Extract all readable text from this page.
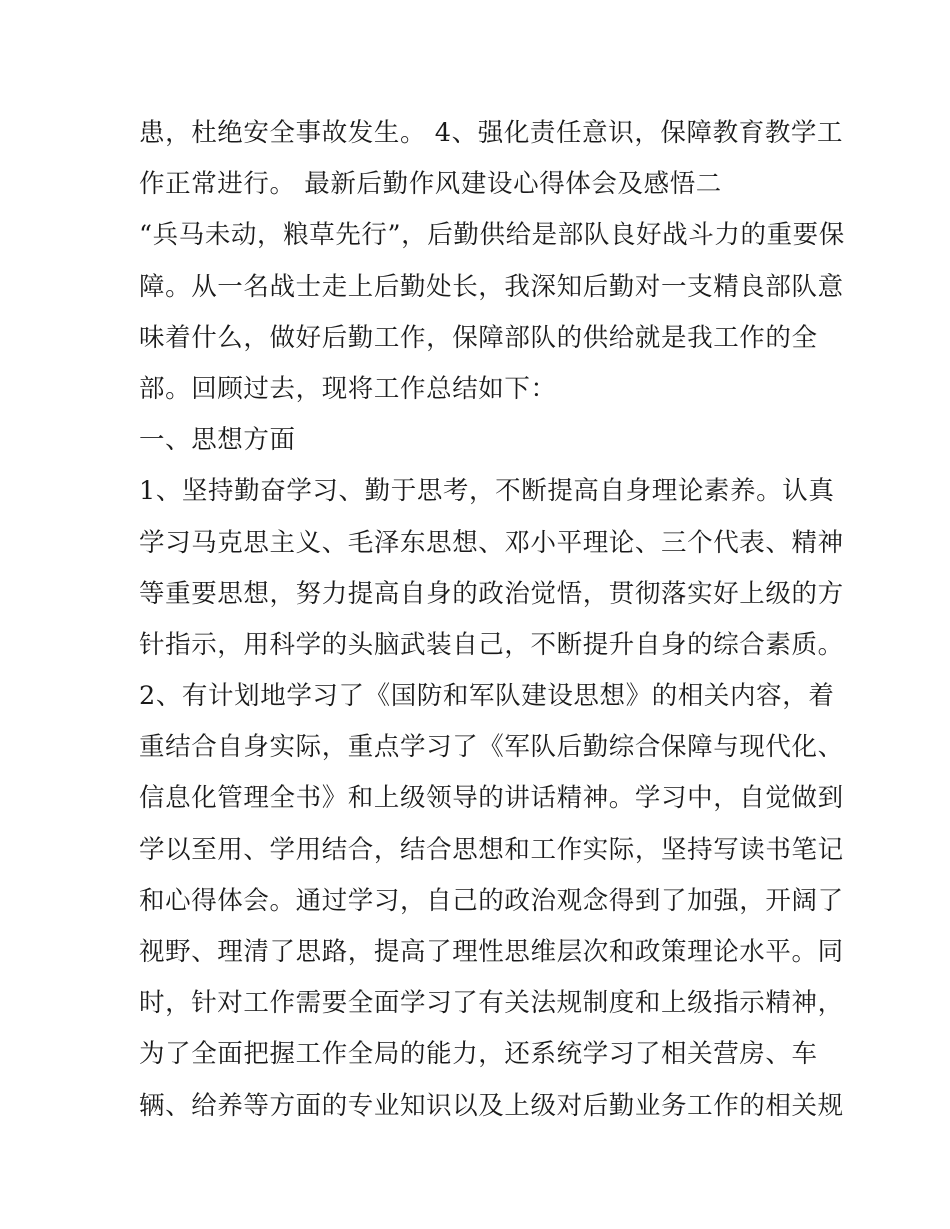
患，杜绝安全事故发生。 4、强化责任意识，保障教育教学工
作正常进行。 最新后勤作风建设心得体会及感悟二
“兵马未动，粮草先行”，后勤供给是部队良好战斗力的重要保
障。从一名战士走上后勤处长，我深知后勤对一支精良部队意
味着什么，做好后勤工作，保障部队的供给就是我工作的全
部。回顾过去，现将工作总结如下：
一、思想方面
1、坚持勤奋学习、勤于思考，不断提高自身理论素养。认真
学习马克思主义、毛泽东思想、邓小平理论、三个代表、精神
等重要思想，努力提高自身的政治觉悟，贯彻落实好上级的方
针指示，用科学的头脑武装自己，不断提升自身的综合素质。
2、有计划地学习了《国防和军队建设思想》的相关内容，着
重结合自身实际，重点学习了《军队后勤综合保障与现代化、
信息化管理全书》和上级领导的讲话精神。学习中，自觉做到
学以至用、学用结合，结合思想和工作实际，坚持写读书笔记
和心得体会。通过学习，自己的政治观念得到了加强，开阔了
视野、理清了思路，提高了理性思维层次和政策理论水平。同
时，针对工作需要全面学习了有关法规制度和上级指示精神，
为了全面把握工作全局的能力，还系统学习了相关营房、车
辆、给养等方面的专业知识以及上级对后勤业务工作的相关规
